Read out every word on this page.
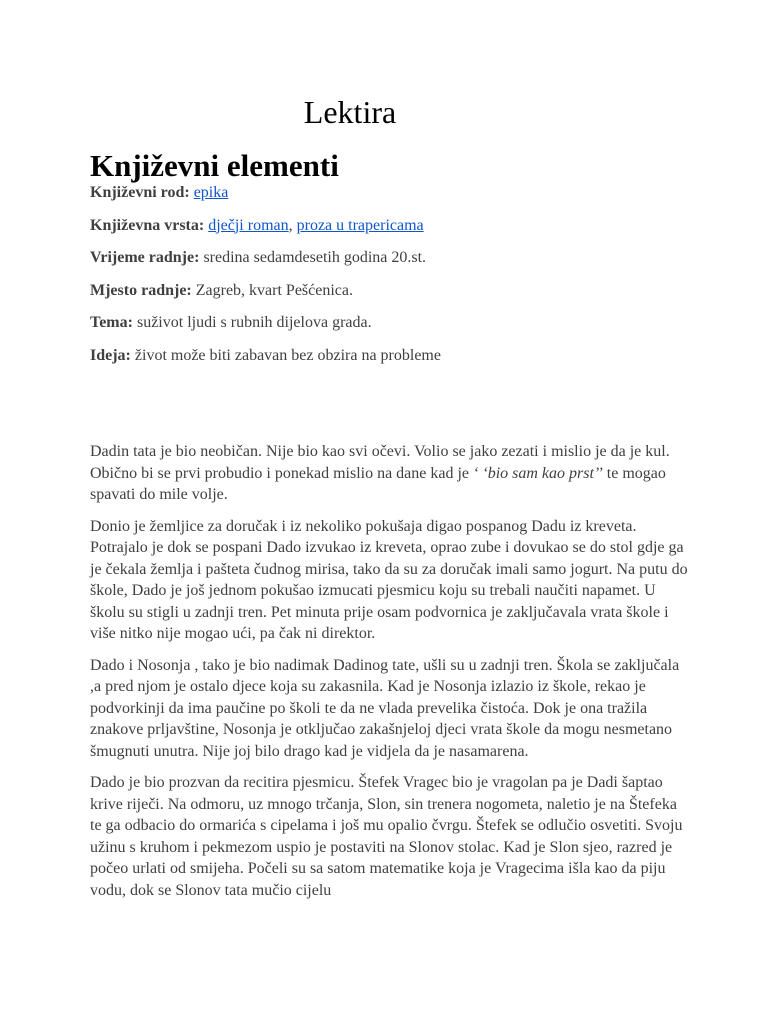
Lektira
Književni elementi
Književni rod: epika
Književna vrsta: dječji roman, proza u trapericama
Vrijeme radnje: sredina sedamdesetih godina 20.st.
Mjesto radnje: Zagreb, kvart Pešćenica.
Tema: suživot ljudi s rubnih dijelova grada.
Ideja: život može biti zabavan bez obzira na probleme

Dadin tata je bio neobičan. Nije bio kao svi očevi. Volio se jako zezati i mislio je da je kul. Obično bi se prvi probudio i ponekad mislio na dane kad je ‘ ‘bio sam kao prst’’ te mogao spavati do mile volje.

Donio je žemljice za doručak i iz nekoliko pokušaja digao pospanog Dadu iz kreveta. Potrajalo je dok se pospani Dado izvukao iz kreveta, oprao zube i dovukao se do stol gdje ga je čekala žemlja i pašteta čudnog mirisa, tako da su za doručak imali samo jogurt. Na putu do škole, Dado je još jednom pokušao izmucati pjesmicu koju su trebali naučiti napamet. U školu su stigli u zadnji tren. Pet minuta prije osam podvornica je zaključavala vrata škole i više nitko nije mogao ući, pa čak ni direktor.

Dado i Nosonja , tako je bio nadimak Dadinog tate, ušli su u zadnji tren. Škola se zaključala ,a pred njom je ostalo djece koja su zakasnila. Kad je Nosonja izlazio iz škole, rekao je podvorkinji da ima paučine po školi te da ne vlada prevelika čistoća. Dok je ona tražila znakove prljavštine, Nosonja je otključao zakašnjeloj djeci vrata škole da mogu nesmetano šmugnuti unutra. Nije joj bilo drago kad je vidjela da je nasamarena.

Dado je bio prozvan da recitira pjesmicu. Štefek Vragec bio je vragolan pa je Dadi šaptao krive riječi. Na odmoru, uz mnogo trčanja, Slon, sin trenera nogometa, naletio je na Štefeka te ga odbacio do ormarića s cipelama i još mu opalio čvrgu. Štefek se odlučio osvetiti. Svoju užinu s kruhom i pekmezom uspio je postaviti na Slonov stolac. Kad je Slon sjeo, razred je počeo urlati od smijeha. Počeli su sa satom matematike koja je Vragecima išla kao da piju vodu, dok se Slonov tata mučio cijelu
